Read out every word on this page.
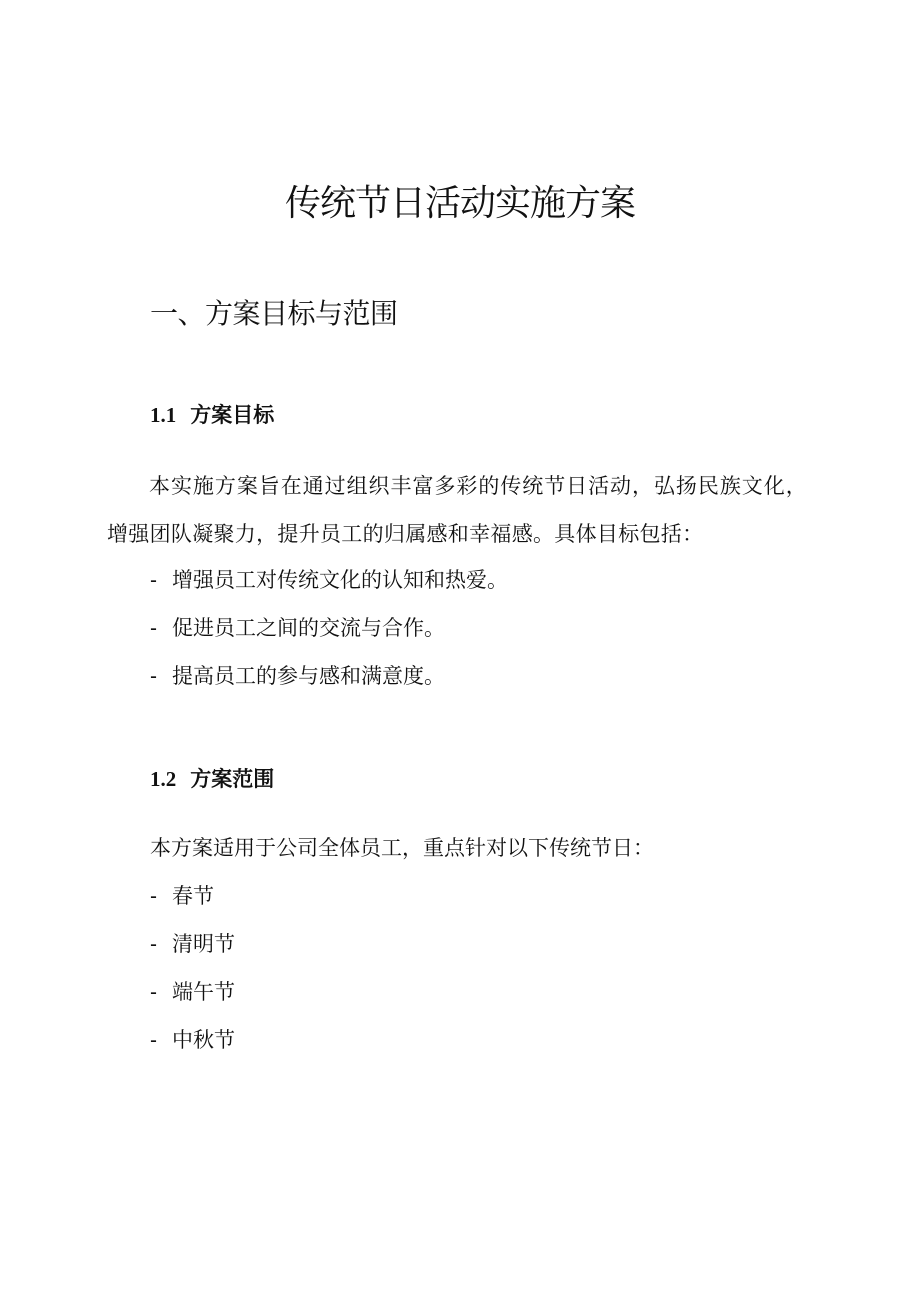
传统节日活动实施方案
一、方案目标与范围
1.1 方案目标

本实施方案旨在通过组织丰富多彩的传统节日活动，弘扬民族文化，增强团队凝聚力，提升员工的归属感和幸福感。具体目标包括：

- 增强员工对传统文化的认知和热爱。

- 促进员工之间的交流与合作。

- 提高员工的参与感和满意度。

1.2 方案范围

本方案适用于公司全体员工，重点针对以下传统节日：

- 春节

- 清明节

- 端午节

- 中秋节
